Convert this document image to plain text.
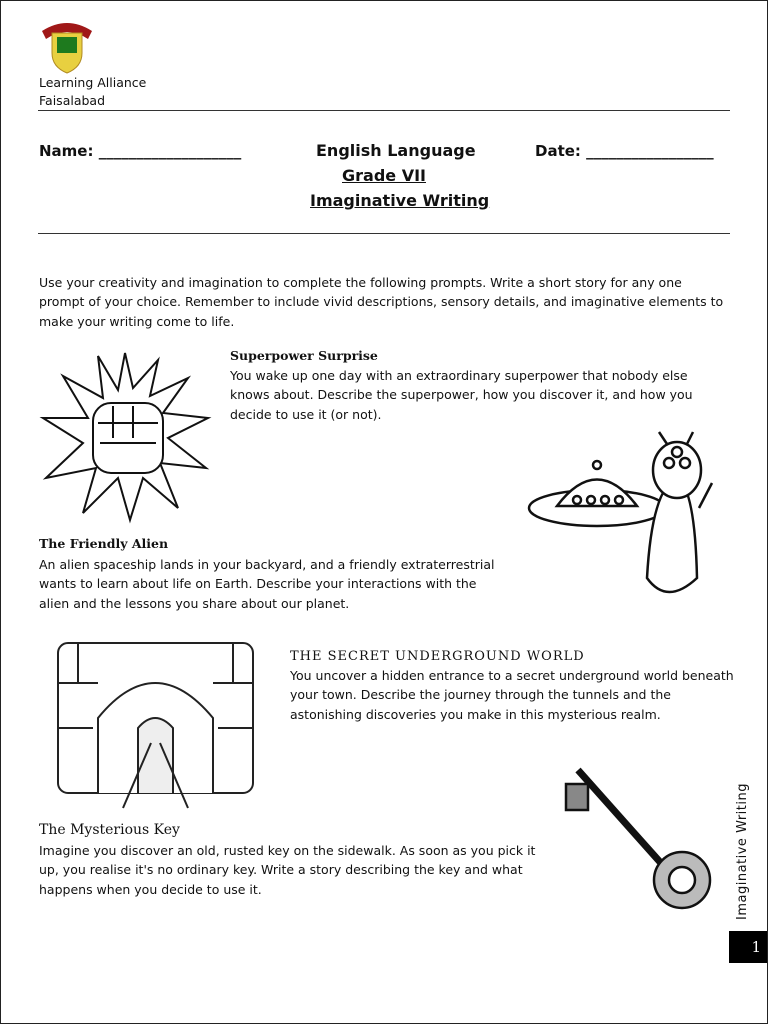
Learning Alliance
Faisalabad
Name: ___________________	English Language
Grade VII
Imaginative Writing
Date: _________________
Use your creativity and imagination to complete the following prompts. Write a short story for any one prompt of your choice. Remember to include vivid descriptions, sensory details, and imaginative elements to make your writing come to life.
Superpower Surprise
You wake up one day with an extraordinary superpower that nobody else knows about. Describe the superpower, how you discover it, and how you decide to use it (or not).
The Friendly Alien
An alien spaceship lands in your backyard, and a friendly extraterrestrial wants to learn about life on Earth. Describe your interactions with the alien and the lessons you share about our planet.
THE SECRET UNDERGROUND WORLD
You uncover a hidden entrance to a secret underground world beneath your town. Describe the journey through the tunnels and the astonishing discoveries you make in this mysterious realm.
The Mysterious Key
Imagine you discover an old, rusted key on the sidewalk. As soon as you pick it up, you realise it's no ordinary key. Write a story describing the key and what happens when you decide to use it.	Imaginative Writing
1
